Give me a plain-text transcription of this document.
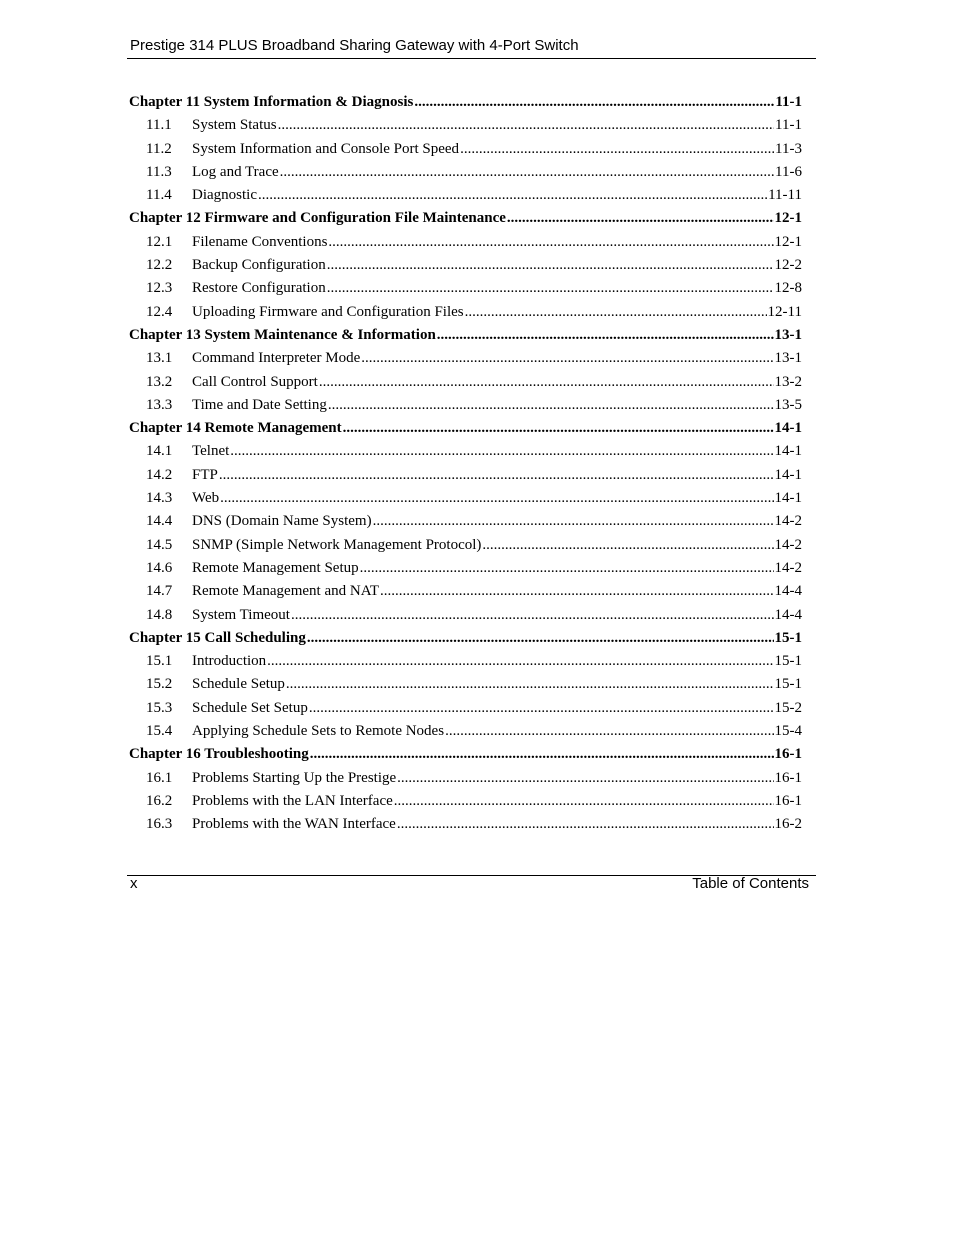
Prestige 314 PLUS Broadband Sharing Gateway with 4-Port Switch
Chapter 11 System Information & Diagnosis .....	11-1
11.1	System Status .....	11-1
11.2	System Information and Console Port Speed .....	11-3
11.3	Log and Trace .....	11-6
11.4	Diagnostic .....	11-11
Chapter 12 Firmware and Configuration File Maintenance .....	12-1
12.1	Filename Conventions .....	12-1
12.2	Backup Configuration .....	12-2
12.3	Restore Configuration .....	12-8
12.4	Uploading Firmware and Configuration Files .....	12-11
Chapter 13 System Maintenance & Information .....	13-1
13.1	Command Interpreter Mode .....	13-1
13.2	Call Control Support .....	13-2
13.3	Time and Date Setting .....	13-5
Chapter 14 Remote Management .....	14-1
14.1	Telnet .....	14-1
14.2	FTP .....	14-1
14.3	Web .....	14-1
14.4	DNS (Domain Name System) .....	14-2
14.5	SNMP (Simple Network Management Protocol) .....	14-2
14.6	Remote Management Setup .....	14-2
14.7	Remote Management and NAT .....	14-4
14.8	System Timeout .....	14-4
Chapter 15 Call Scheduling .....	15-1
15.1	Introduction .....	15-1
15.2	Schedule Setup .....	15-1
15.3	Schedule Set Setup .....	15-2
15.4	Applying Schedule Sets to Remote Nodes .....	15-4
Chapter 16 Troubleshooting .....	16-1
16.1	Problems Starting Up the Prestige .....	16-1
16.2	Problems with the LAN Interface .....	16-1
16.3	Problems with the WAN Interface .....	16-2
x	Table of Contents
